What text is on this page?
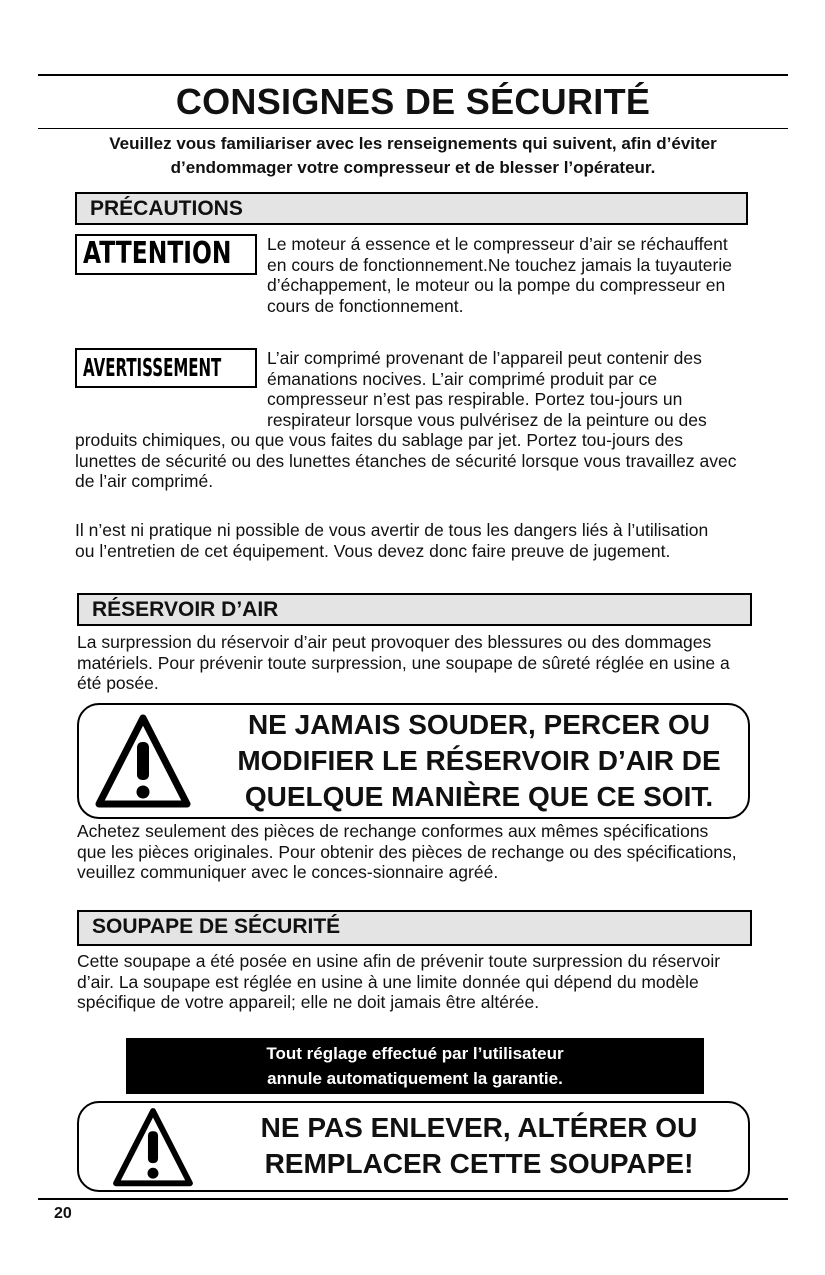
CONSIGNES DE SÉCURITÉ
Veuillez vous familiariser avec les renseignements qui suivent, afin d’éviter d’endommager votre compresseur et de blesser l’opérateur.
PRÉCAUTIONS
ATTENTION Le moteur á essence et le compresseur d’air se réchauffent en cours de fonctionnement.Ne touchez jamais la tuyauterie d’échappement, le moteur ou la pompe du compresseur en cours de fonctionnement.
AVERTISSEMENT	L’air comprimé provenant de l’appareil peut contenir des émanations nocives. L’air comprimé produit par ce compresseur n’est pas respirable. Portez tou-jours un respirateur lorsque vous pulvérisez de la peinture ou des produits chimiques, ou que vous faites du sablage par jet. Portez tou-jours des lunettes de sécurité ou des lunettes étanches de sécurité lorsque vous travaillez avec de l’air comprimé.

Il n’est ni pratique ni possible de vous avertir de tous les dangers liés à l’utilisation ou l’entretien de cet équipement. Vous devez donc faire preuve de jugement.

RÉSERVOIR D’AIR

La surpression du réservoir d’air peut provoquer des blessures ou des dommages matériels. Pour prévenir toute surpression, une soupape de sûreté réglée en usine a été posée.

NE JAMAIS SOUDER, PERCER OU
MODIFIER LE RÉSERVOIR D’AIR DE
QUELQUE MANIÈRE QUE CE SOIT.

Achetez seulement des pièces de rechange conformes aux mêmes spécifications que les pièces originales. Pour obtenir des pièces de rechange ou des spécifications, veuillez communiquer avec le conces-sionnaire agréé.

SOUPAPE DE SÉCURITÉ

Cette soupape a été posée en usine afin de prévenir toute surpression du réservoir d’air. La soupape est réglée en usine à une limite donnée qui dépend du modèle spécifique de votre appareil; elle ne doit jamais être altérée.

Tout réglage effectué par l’utilisateur
annule automatiquement la garantie.

NE PAS ENLEVER, ALTÉRER OU
REMPLACER CETTE SOUPAPE!

20
